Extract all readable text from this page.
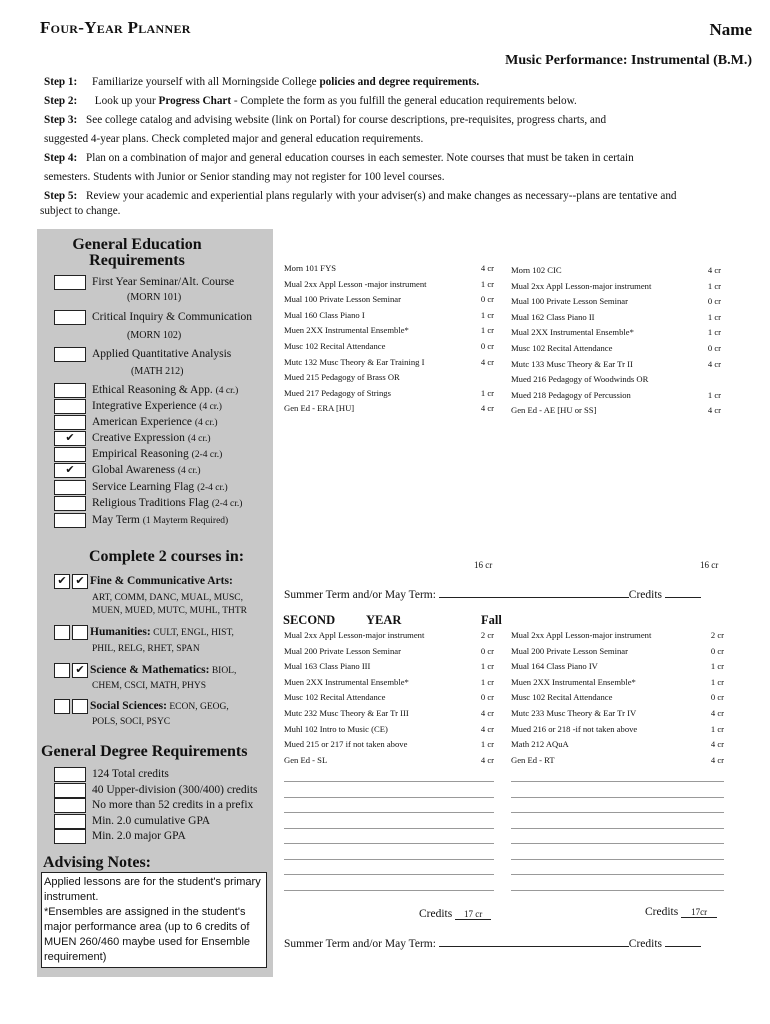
Four-Year Planner	Name
Music Performance: Instrumental (B.M.)
Step 1: Familiarize yourself with all Morningside College policies and degree requirements.
Step 2: Look up your Progress Chart - Complete the form as you fulfill the general education requirements below.
Step 3: See college catalog and advising website (link on Portal) for course descriptions, pre-requisites, progress charts, and
suggested 4-year plans. Check completed major and general education requirements.
Step 4: Plan on a combination of major and general education courses in each semester. Note courses that must be taken in certain
semesters. Students with Junior or Senior standing may not register for 100 level courses.
Step 5: Review your academic and experiential plans regularly with your adviser(s) and make changes as necessary--plans are tentative and
subject to change.
General Education
Requirements
First Year Seminar/Alt. Course
(MORN 101)
Critical Inquiry & Communication
(MORN 102)
Applied Quantitative Analysis
(MATH 212)
Ethical Reasoning & App. (4 cr.)
Integrative Experience (4 cr.)
American Experience (4 cr.)
✔ Creative Expression (4 cr.)
Empirical Reasoning (2-4 cr.)
✔ Global Awareness (4 cr.)
Service Learning Flag (2-4 cr.)
Religious Traditions Flag (2-4 cr.)
May Term (1 Mayterm Required)
Complete 2 courses in:
✔ ✔ Fine & Communicative Arts:
ART, COMM, DANC, MUAL, MUSC,
MUEN, MUED, MUTC, MUHL, THTR
Humanities: CULT, ENGL, HIST,
PHIL, RELG, RHET, SPAN
✔ Science & Mathematics: BIOL,
CHEM, CSCI, MATH, PHYS
Social Sciences: ECON, GEOG,
POLS, SOCI, PSYC
General Degree Requirements
124 Total credits
40 Upper-division (300/400) credits
No more than 52 credits in a prefix
Min. 2.0 cumulative GPA
Min. 2.0 major GPA
Advising Notes:
Applied lessons are for the student's primary instrument.
*Ensembles are assigned in the student's major performance area (up to 6 credits of MUEN 260/460 maybe used for Ensemble requirement)
Morn 101 FYS	4 cr
Mual 2xx Appl Lesson -major instrument	1 cr
Mual 100 Private Lesson Seminar	0 cr
Mual 160 Class Piano I	1 cr
Muen 2XX Instrumental Ensemble*	1 cr
Musc 102 Recital Attendance	0 cr
Mutc 132 Musc Theory & Ear Training I	4 cr
Mued 215 Pedagogy of Brass OR
Mued 217 Pedagogy of Strings	1 cr
Gen Ed - ERA [HU]	4 cr
Morn 102 CIC	4 cr
Mual 2xx Appl Lesson-major instrument	1 cr
Mual 100 Private Lesson Seminar	0 cr
Mual 162 Class Piano II	1 cr
Mual 2XX Instrumental Ensemble*	1 cr
Musc 102 Recital Attendance	0 cr
Mutc 133 Musc Theory & Ear Tr II	4 cr
Mued 216 Pedagogy of Woodwinds OR
Mued 218 Pedagogy of Percussion	1 cr
Gen Ed - AE [HU or SS]	4 cr
16 cr	16 cr
Summer Term and/or May Term:	Credits
SECOND YEAR	Fall
Mual 2xx Appl Lesson-major instrument	2 cr
Mual 200 Private Lesson Seminar	0 cr
Mual 163 Class Piano III	1 cr
Muen 2XX Instrumental Ensemble*	1 cr
Musc 102 Recital Attendance	0 cr
Mutc 232 Musc Theory & Ear Tr III	4 cr
Muhl 102 Intro to Music (CE)	4 cr
Mued 215 or 217 if not taken above	1 cr
Gen Ed - SL	4 cr
Mual 2xx Appl Lesson-major instrument	2 cr
Mual 200 Private Lesson Seminar	0 cr
Mual 164 Class Piano IV	1 cr
Muen 2XX Instrumental Ensemble*	1 cr
Musc 102 Recital Attendance	0 cr
Mutc 233 Musc Theory & Ear Tr IV	4 cr
Mued 216 or 218 -if not taken above	1 cr
Math 212 AQuA	4 cr
Gen Ed - RT	4 cr
Credits 17 cr	Credits 17cr
Summer Term and/or May Term:	Credits
